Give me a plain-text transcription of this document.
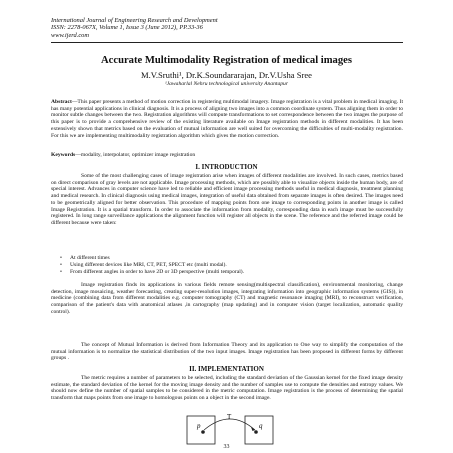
International Journal of Engineering Research and Development
ISSN: 2278-067X, Volume 1, Issue 3 (June 2012), PP.33-36
www.ijerd.com
Accurate Multimodality Registration of medical images
M.V.Sruthi¹, Dr.K.Soundararajan, Dr.V.Usha Sree
¹Jawaharlal Nehru technological university Anantapur
Abstract—This paper presents a method of motion correction in registering multimodal imagery. Image registration is a vital problem in medical imaging. It has many potential applications in clinical diagnosis. It is a process of aligning two images into a common coordinate system. Thus aligning them in order to monitor subtle changes between the two. Registration algorithms will compute transformations to set correspondence between the two images the purpose of this paper is to provide a comprehensive review of the existing literature available on Image registration methods in different modalities. It has been extensively shown that metrics based on the evaluation of mutual information are well suited for overcoming the difficulties of multi-modality registration. For this we are implementing multimodality registration algorithm which gives the motion correction.
Keywords—modality, interpolator, optimizer image registration
I. INTRODUCTION
Some of the most challenging cases of image registration arise when images of different modalities are involved. In such cases, metrics based on direct comparison of gray levels are not applicable. Image processing methods, which are possibly able to visualize objects inside the human body, are of special interest. Advances in computer science have led to reliable and efficient image processing methods useful in medical diagnosis, treatment planning and medical research. In clinical diagnosis using medical images, integration of useful data obtained from separate images is often desired. The images need to be geometrically aligned for better observation. This procedure of mapping points from one image to corresponding points in another image is called Image Registration. It is a spatial transform. In order to associate the information from modality, corresponding data in each image must be successfully registered. In long range surveillance applications the alignment function will register all objects in the scene. The reference and the referred image could be different because were taken:
• At different times
• Using different devices like MRI, CT, PET, SPECT etc (multi modal).
• From different angles in order to have 2D or 3D perspective (multi temporal).
Image registration finds its applications in various fields remote sensing(multispectral classification), environmental monitoring, change detection, image mosaicing, weather forecasting, creating super-resolution images, integrating information into geographic information systems (GIS)), in medicine (combining data from different modalities e.g. computer tomography (CT) and magnetic resonance imaging (MRI), to reconstruct verification, comparison of the patient's data with anatomical atlases ,in cartography (map updating) and in computer vision (target localization, automatic quality control).
The concept of Mutual Information is derived from Information Theory and its application to One way to simplify the computation of the mutual information is to normalize the statistical distribution of the two input images. Image registration has been proposed in different forms by different groups .
II. IMPLEMENTATION
The metric requires a number of parameters to be selected, including the standard deviation of the Gaussian kernel for the fixed image density estimate, the standard deviation of the kernel for the moving image density and the number of samples use to compute the densities and entropy values. We should now define the number of spatial samples to be considered in the metric computation. Image registration is the process of determining the spatial transform that maps points from one image to homologous points on a object in the second image.
p
T
q
33
